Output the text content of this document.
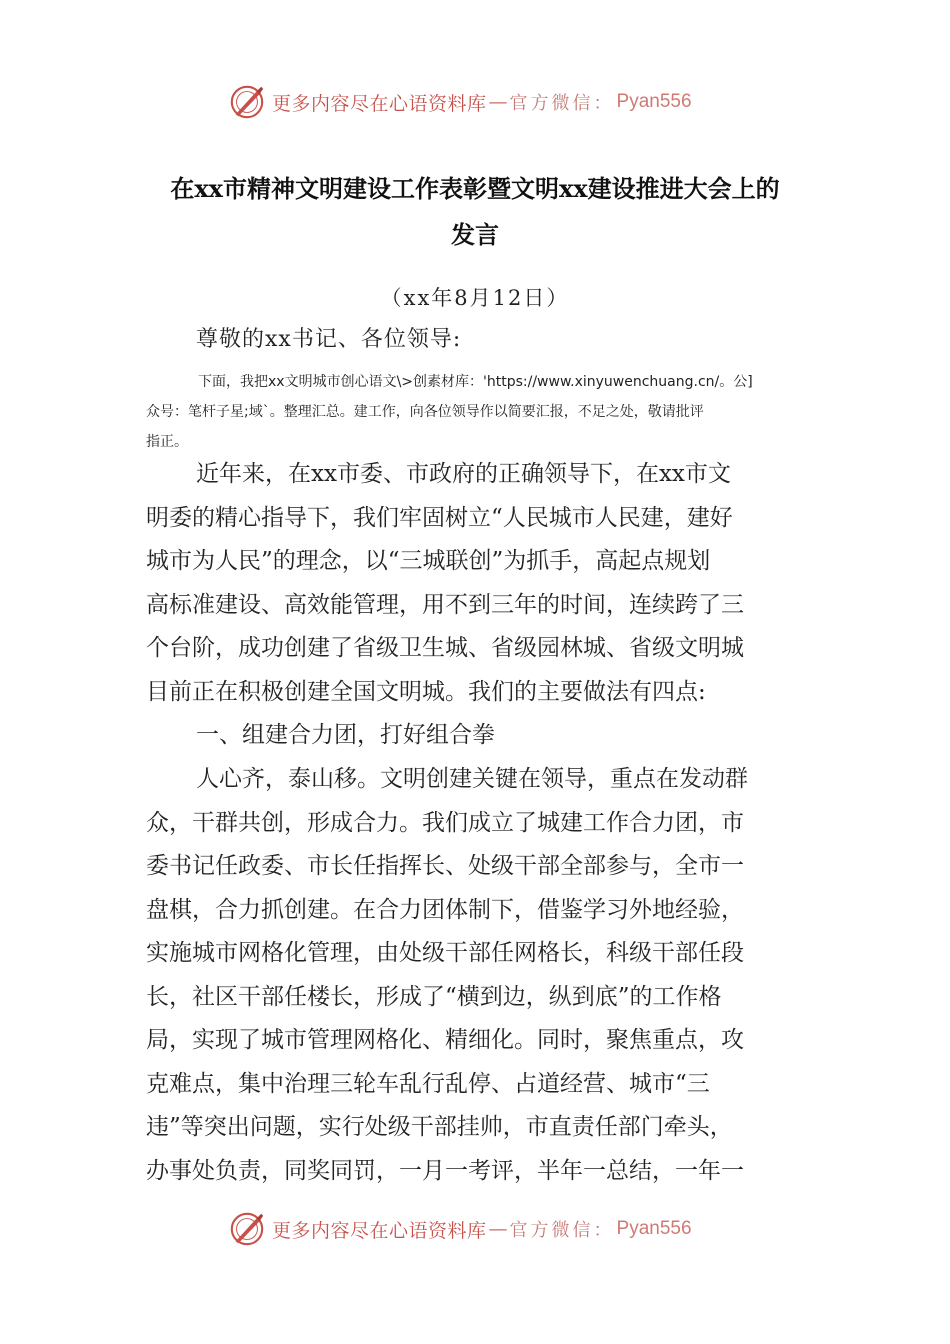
更多内容尽在心语资料库 — 官方微信： Pyan556
在xx市精神文明建设工作表彰暨文明xx建设推进大会上的
发言
（xx年8月12日）
尊敬的xx书记、各位领导:
下面，我把xx文明城市创心语文\>创素材库：'https://www.xinyuwenchuang.cn/。公]
众号：笔杆子星;域`。整理汇总。建工作，向各位领导作以简要汇报，不足之处，敬请批评
指正。
近年来，在xx市委、市政府的正确领导下，在xx市文
明委的精心指导下，我们牢固树立“人民城市人民建，建好
城市为人民”的理念，以“三城联创”为抓手，高起点规划
高标准建设、高效能管理，用不到三年的时间，连续跨了三
个台阶，成功创建了省级卫生城、省级园林城、省级文明城
目前正在积极创建全国文明城。我们的主要做法有四点:
一、组建合力团，打好组合拳
人心齐，泰山移。文明创建关键在领导，重点在发动群
众，干群共创，形成合力。我们成立了城建工作合力团，市
委书记任政委、市长任指挥长、处级干部全部参与，全市一
盘棋，合力抓创建。在合力团体制下，借鉴学习外地经验，
实施城市网格化管理，由处级干部任网格长，科级干部任段
长，社区干部任楼长，形成了“横到边，纵到底”的工作格
局，实现了城市管理网格化、精细化。同时，聚焦重点，攻
克难点，集中治理三轮车乱行乱停、占道经营、城市“三
违”等突出问题，实行处级干部挂帅，市直责任部门牵头，
办事处负责，同奖同罚，一月一考评，半年一总结，一年一
更多内容尽在心语资料库 — 官方微信： Pyan556
